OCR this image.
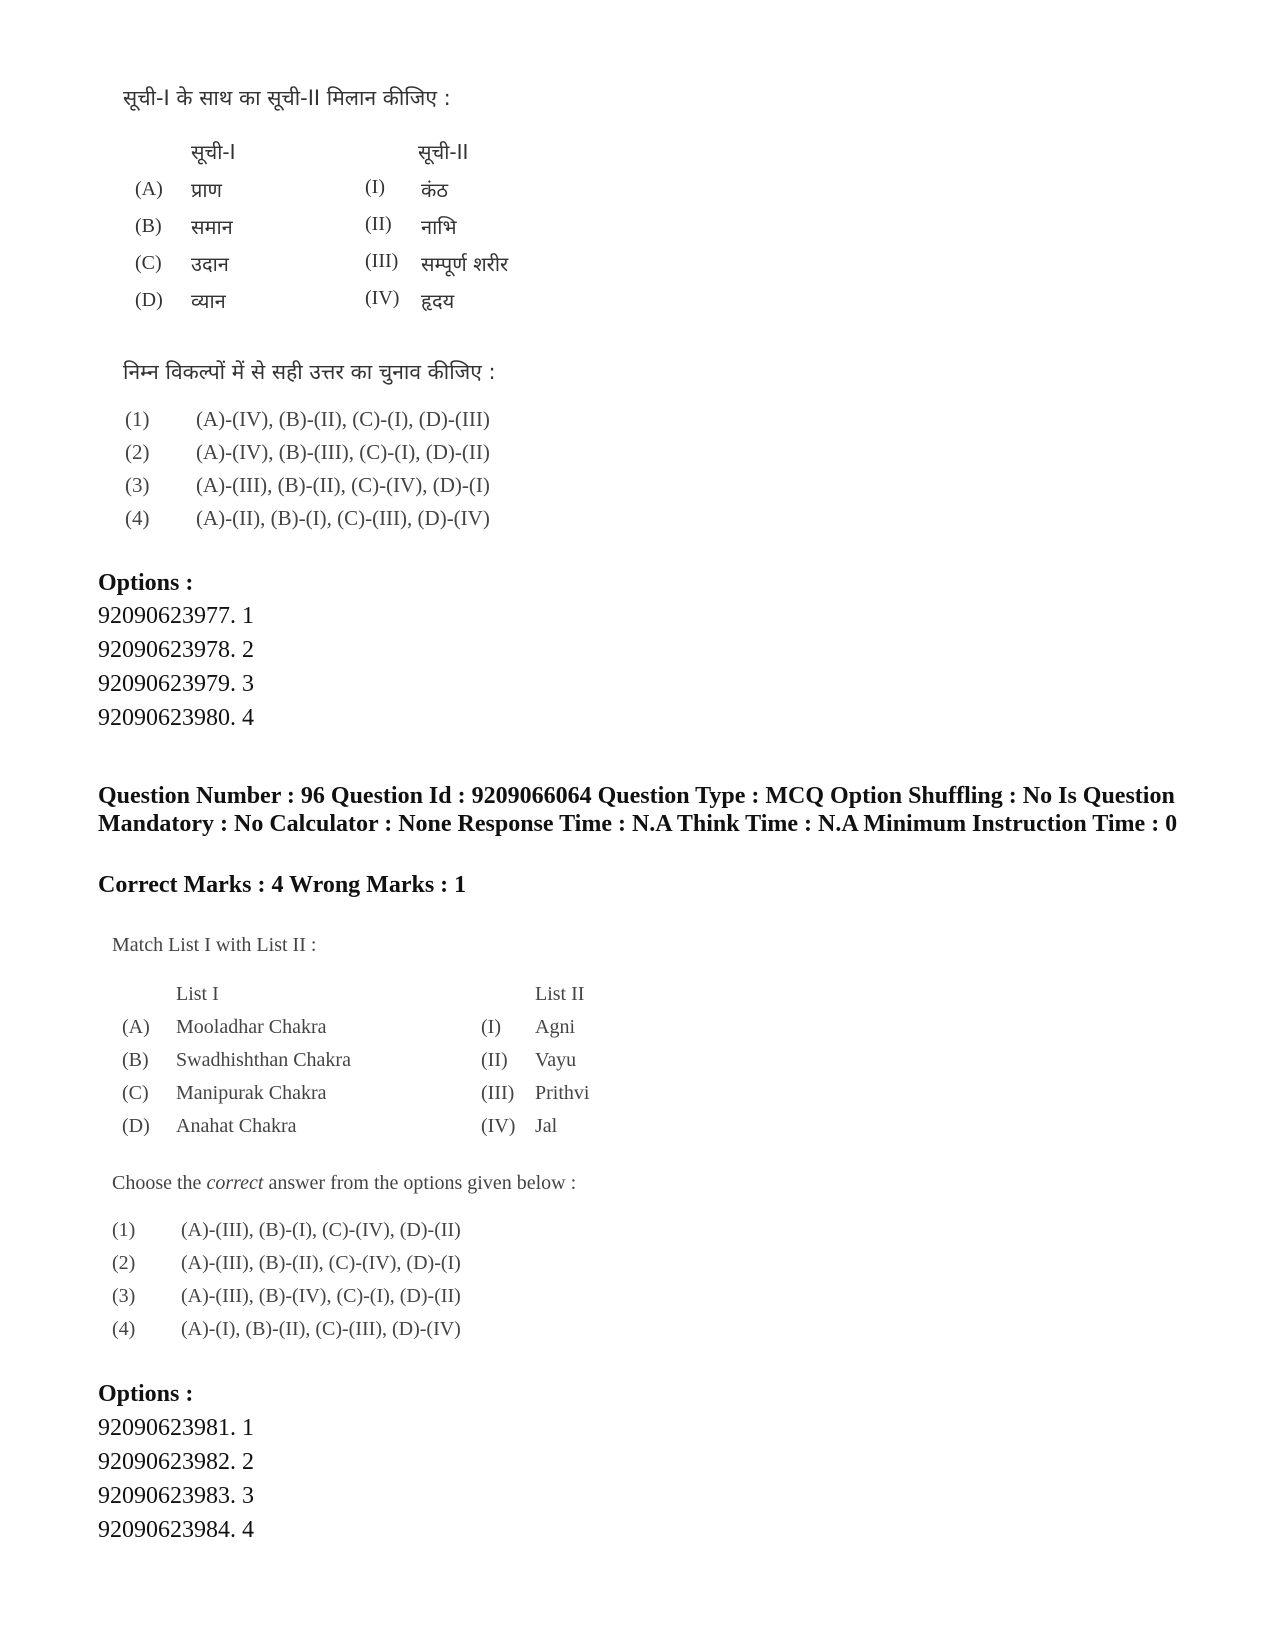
सूची-I के साथ का सूची-II मिलान कीजिए :
सूची-I	सूची-II
(A) प्राण	(I) कंठ
(B) समान	(II) नाभि
(C) उदान	(III) सम्पूर्ण शरीर
(D) व्यान	(IV) हृदय
निम्न विकल्पों में से सही उत्तर का चुनाव कीजिए :
(1) (A)-(IV), (B)-(II), (C)-(I), (D)-(III)
(2) (A)-(IV), (B)-(III), (C)-(I), (D)-(II)
(3) (A)-(III), (B)-(II), (C)-(IV), (D)-(I)
(4) (A)-(II), (B)-(I), (C)-(III), (D)-(IV)
Options :
92090623977. 1
92090623978. 2
92090623979. 3
92090623980. 4
Question Number : 96 Question Id : 9209066064 Question Type : MCQ Option Shuffling : No Is Question Mandatory : No Calculator : None Response Time : N.A Think Time : N.A Minimum Instruction Time : 0
Correct Marks : 4 Wrong Marks : 1
Match List I with List II :
List I	List II
(A) Mooladhar Chakra	(I) Agni
(B) Swadhishthan Chakra	(II) Vayu
(C) Manipurak Chakra	(III) Prithvi
(D) Anahat Chakra	(IV) Jal
Choose the correct answer from the options given below :
(1) (A)-(III), (B)-(I), (C)-(IV), (D)-(II)
(2) (A)-(III), (B)-(II), (C)-(IV), (D)-(I)
(3) (A)-(III), (B)-(IV), (C)-(I), (D)-(II)
(4) (A)-(I), (B)-(II), (C)-(III), (D)-(IV)
Options :
92090623981. 1
92090623982. 2
92090623983. 3
92090623984. 4
